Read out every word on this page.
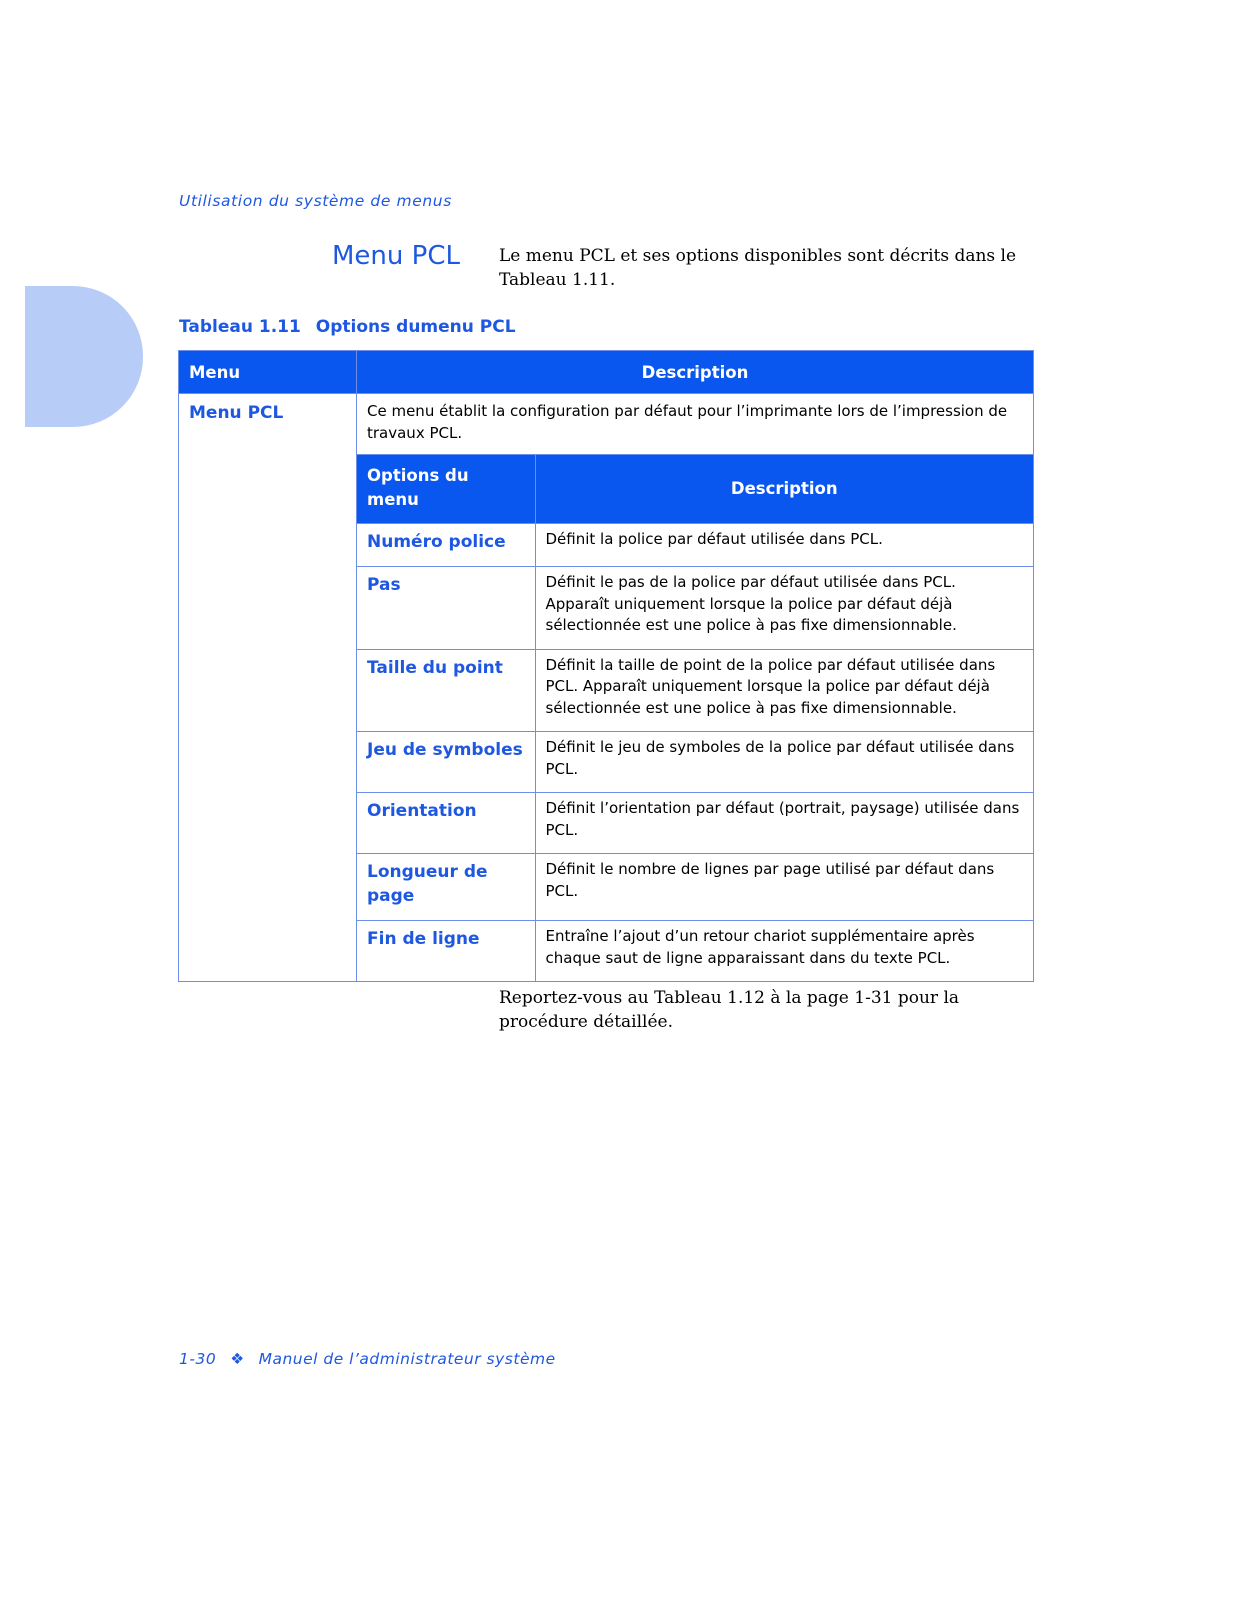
Utilisation du système de menus
Menu PCL Le menu PCL et ses options disponibles sont décrits dans le Tableau 1.11.
Tableau 1.11 Options dumenu PCL
Menu	Description
Menu PCL	Ce menu établit la configuration par défaut pour l’imprimante lors de l’impression de travaux PCL.
Options du menu	Description
Numéro police	Définit la police par défaut utilisée dans PCL.
Pas	Définit le pas de la police par défaut utilisée dans PCL. Apparaît uniquement lorsque la police par défaut déjà sélectionnée est une police à pas fixe dimensionnable.
Taille du point	Définit la taille de point de la police par défaut utilisée dans PCL. Apparaît uniquement lorsque la police par défaut déjà sélectionnée est une police à pas fixe dimensionnable.
Jeu de symboles	Définit le jeu de symboles de la police par défaut utilisée dans PCL.
Orientation	Définit l’orientation par défaut (portrait, paysage) utilisée dans PCL.
Longueur de page	Définit le nombre de lignes par page utilisé par défaut dans PCL.
Fin de ligne	Entraîne l’ajout d’un retour chariot supplémentaire après chaque saut de ligne apparaissant dans du texte PCL.
Reportez-vous au Tableau 1.12 à la page 1-31 pour la procédure détaillée.
1-30 ❖ Manuel de l’administrateur système
